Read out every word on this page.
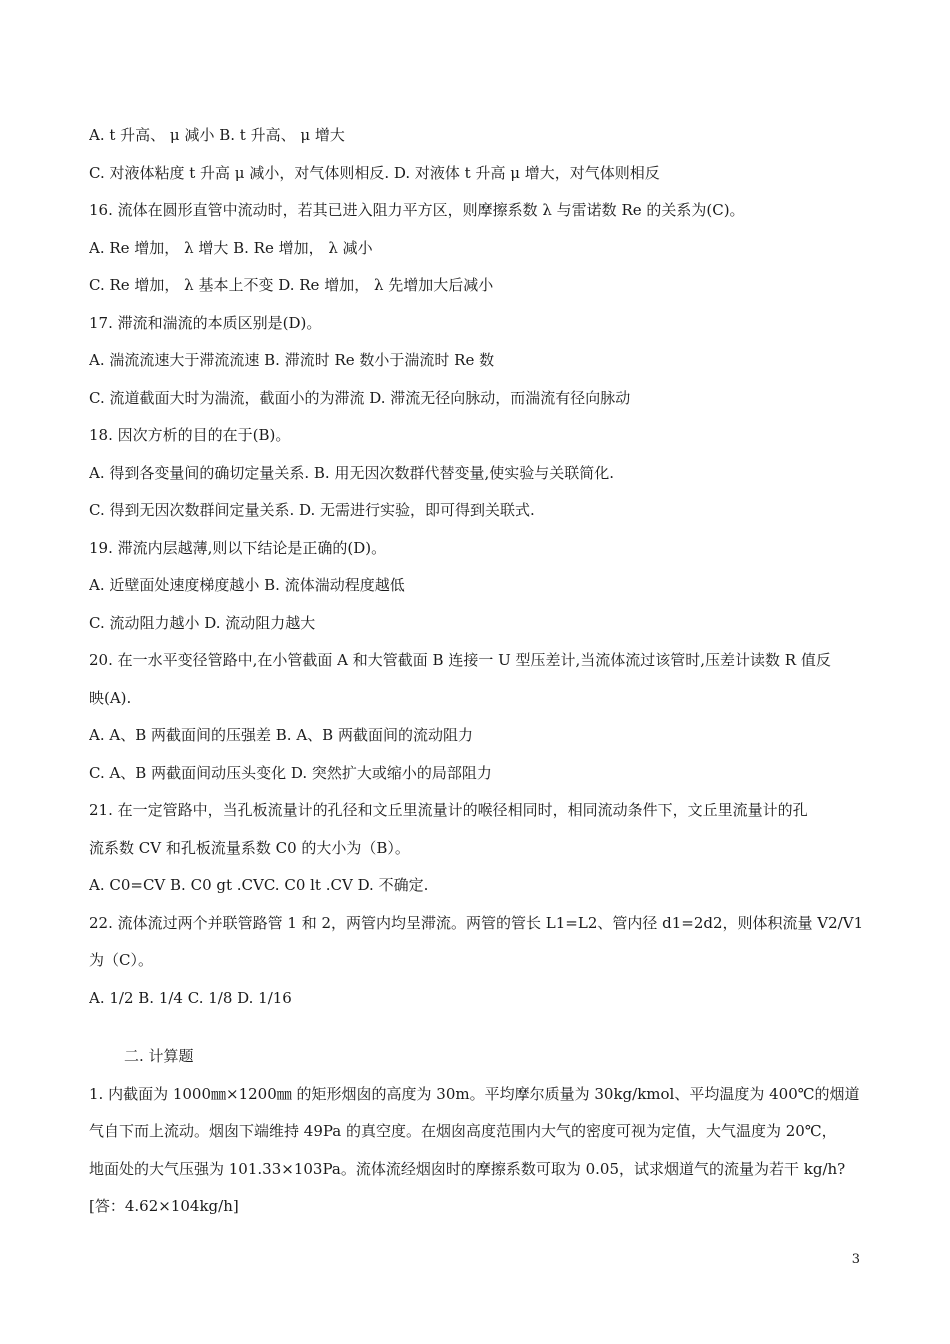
A. t 升高、 μ 减小 B. t 升高、 μ 增大
C. 对液体粘度 t 升高 μ 减小，对气体则相反. D. 对液体 t 升高 μ 增大，对气体则相反
16. 流体在圆形直管中流动时，若其已进入阻力平方区，则摩擦系数 λ 与雷诺数 Re 的关系为(C)。
A. Re 增加， λ 增大 B. Re 增加， λ 减小
C. Re 增加， λ 基本上不变 D. Re 增加， λ 先增加大后减小
17. 滞流和湍流的本质区别是(D)。
A. 湍流流速大于滞流流速 B. 滞流时 Re 数小于湍流时 Re 数
C. 流道截面大时为湍流，截面小的为滞流 D. 滞流无径向脉动，而湍流有径向脉动
18. 因次方析的目的在于(B)。
A. 得到各变量间的确切定量关系. B. 用无因次数群代替变量,使实验与关联简化.
C. 得到无因次数群间定量关系. D. 无需进行实验，即可得到关联式.
19. 滞流内层越薄,则以下结论是正确的(D)。
A. 近壁面处速度梯度越小 B. 流体湍动程度越低
C. 流动阻力越小 D. 流动阻力越大
20. 在一水平变径管路中,在小管截面 A 和大管截面 B 连接一 U 型压差计,当流体流过该管时,压差计读数 R 值反
映(A).
A. A、B 两截面间的压强差 B. A、B 两截面间的流动阻力
C. A、B 两截面间动压头变化 D. 突然扩大或缩小的局部阻力
21. 在一定管路中，当孔板流量计的孔径和文丘里流量计的喉径相同时，相同流动条件下，文丘里流量计的孔
流系数 CV 和孔板流量系数 C0 的大小为（B）。
A. C0=CV B. C0 gt .CVC. C0 lt .CV D. 不确定.
22. 流体流过两个并联管路管 1 和 2，两管内均呈滞流。两管的管长 L1=L2、管内径 d1=2d2，则体积流量 V2/V1
为（C）。
A. 1/2 B. 1/4 C. 1/8 D. 1/16
二. 计算题
1. 内截面为 1000㎜×1200㎜ 的矩形烟囱的高度为 30m。平均摩尔质量为 30kg/kmol、平均温度为 400℃的烟道
气自下而上流动。烟囱下端维持 49Pa 的真空度。在烟囱高度范围内大气的密度可视为定值，大气温度为 20℃，
地面处的大气压强为 101.33×103Pa。流体流经烟囱时的摩擦系数可取为 0.05，试求烟道气的流量为若干 kg/h?
[答：4.62×104kg/h]
3
